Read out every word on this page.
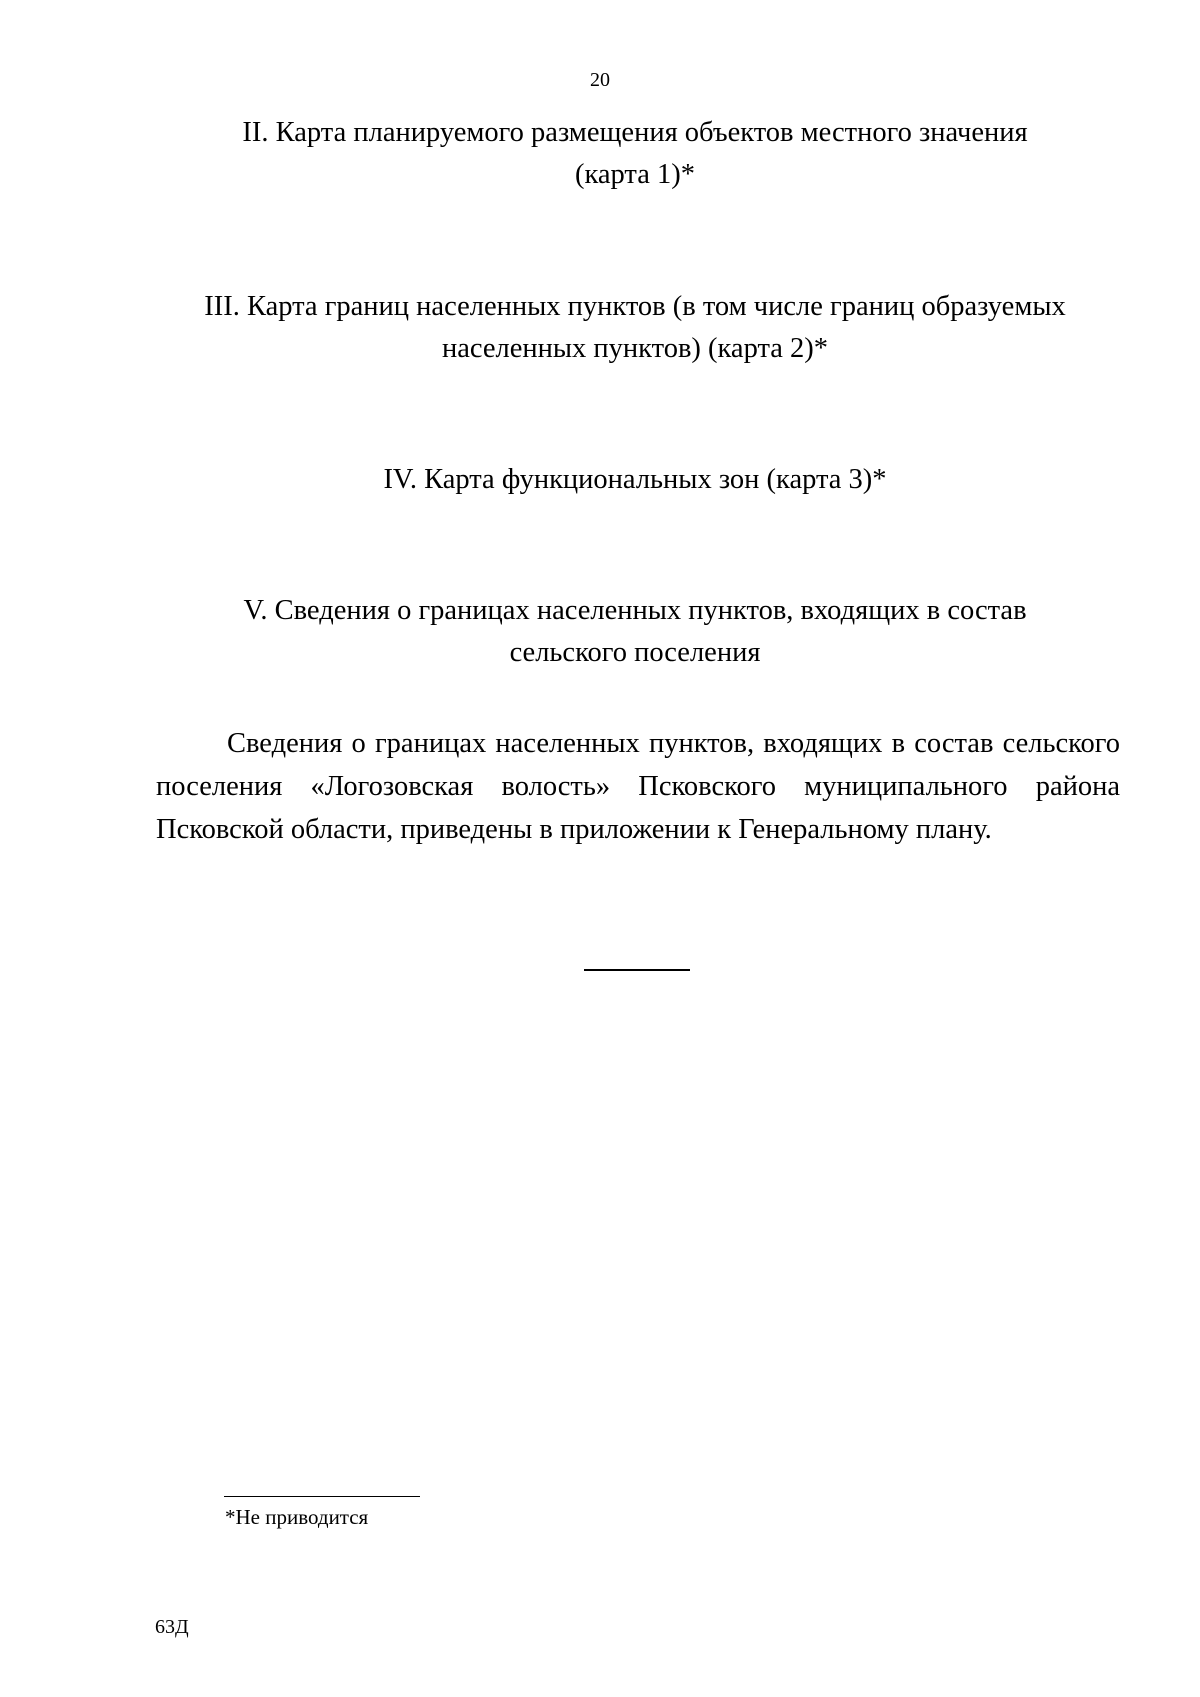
20
II. Карта планируемого размещения объектов местного значения
(карта 1)*
III. Карта границ населенных пунктов (в том числе границ образуемых
населенных пунктов) (карта 2)*
IV. Карта функциональных зон (карта 3)*
V. Сведения о границах населенных пунктов, входящих в состав
сельского поселения
Сведения о границах населенных пунктов, входящих в состав сельского поселения «Логозовская волость» Псковского муниципального района Псковской области, приведены в приложении к Генеральному плану.
*Не приводится
63Д
